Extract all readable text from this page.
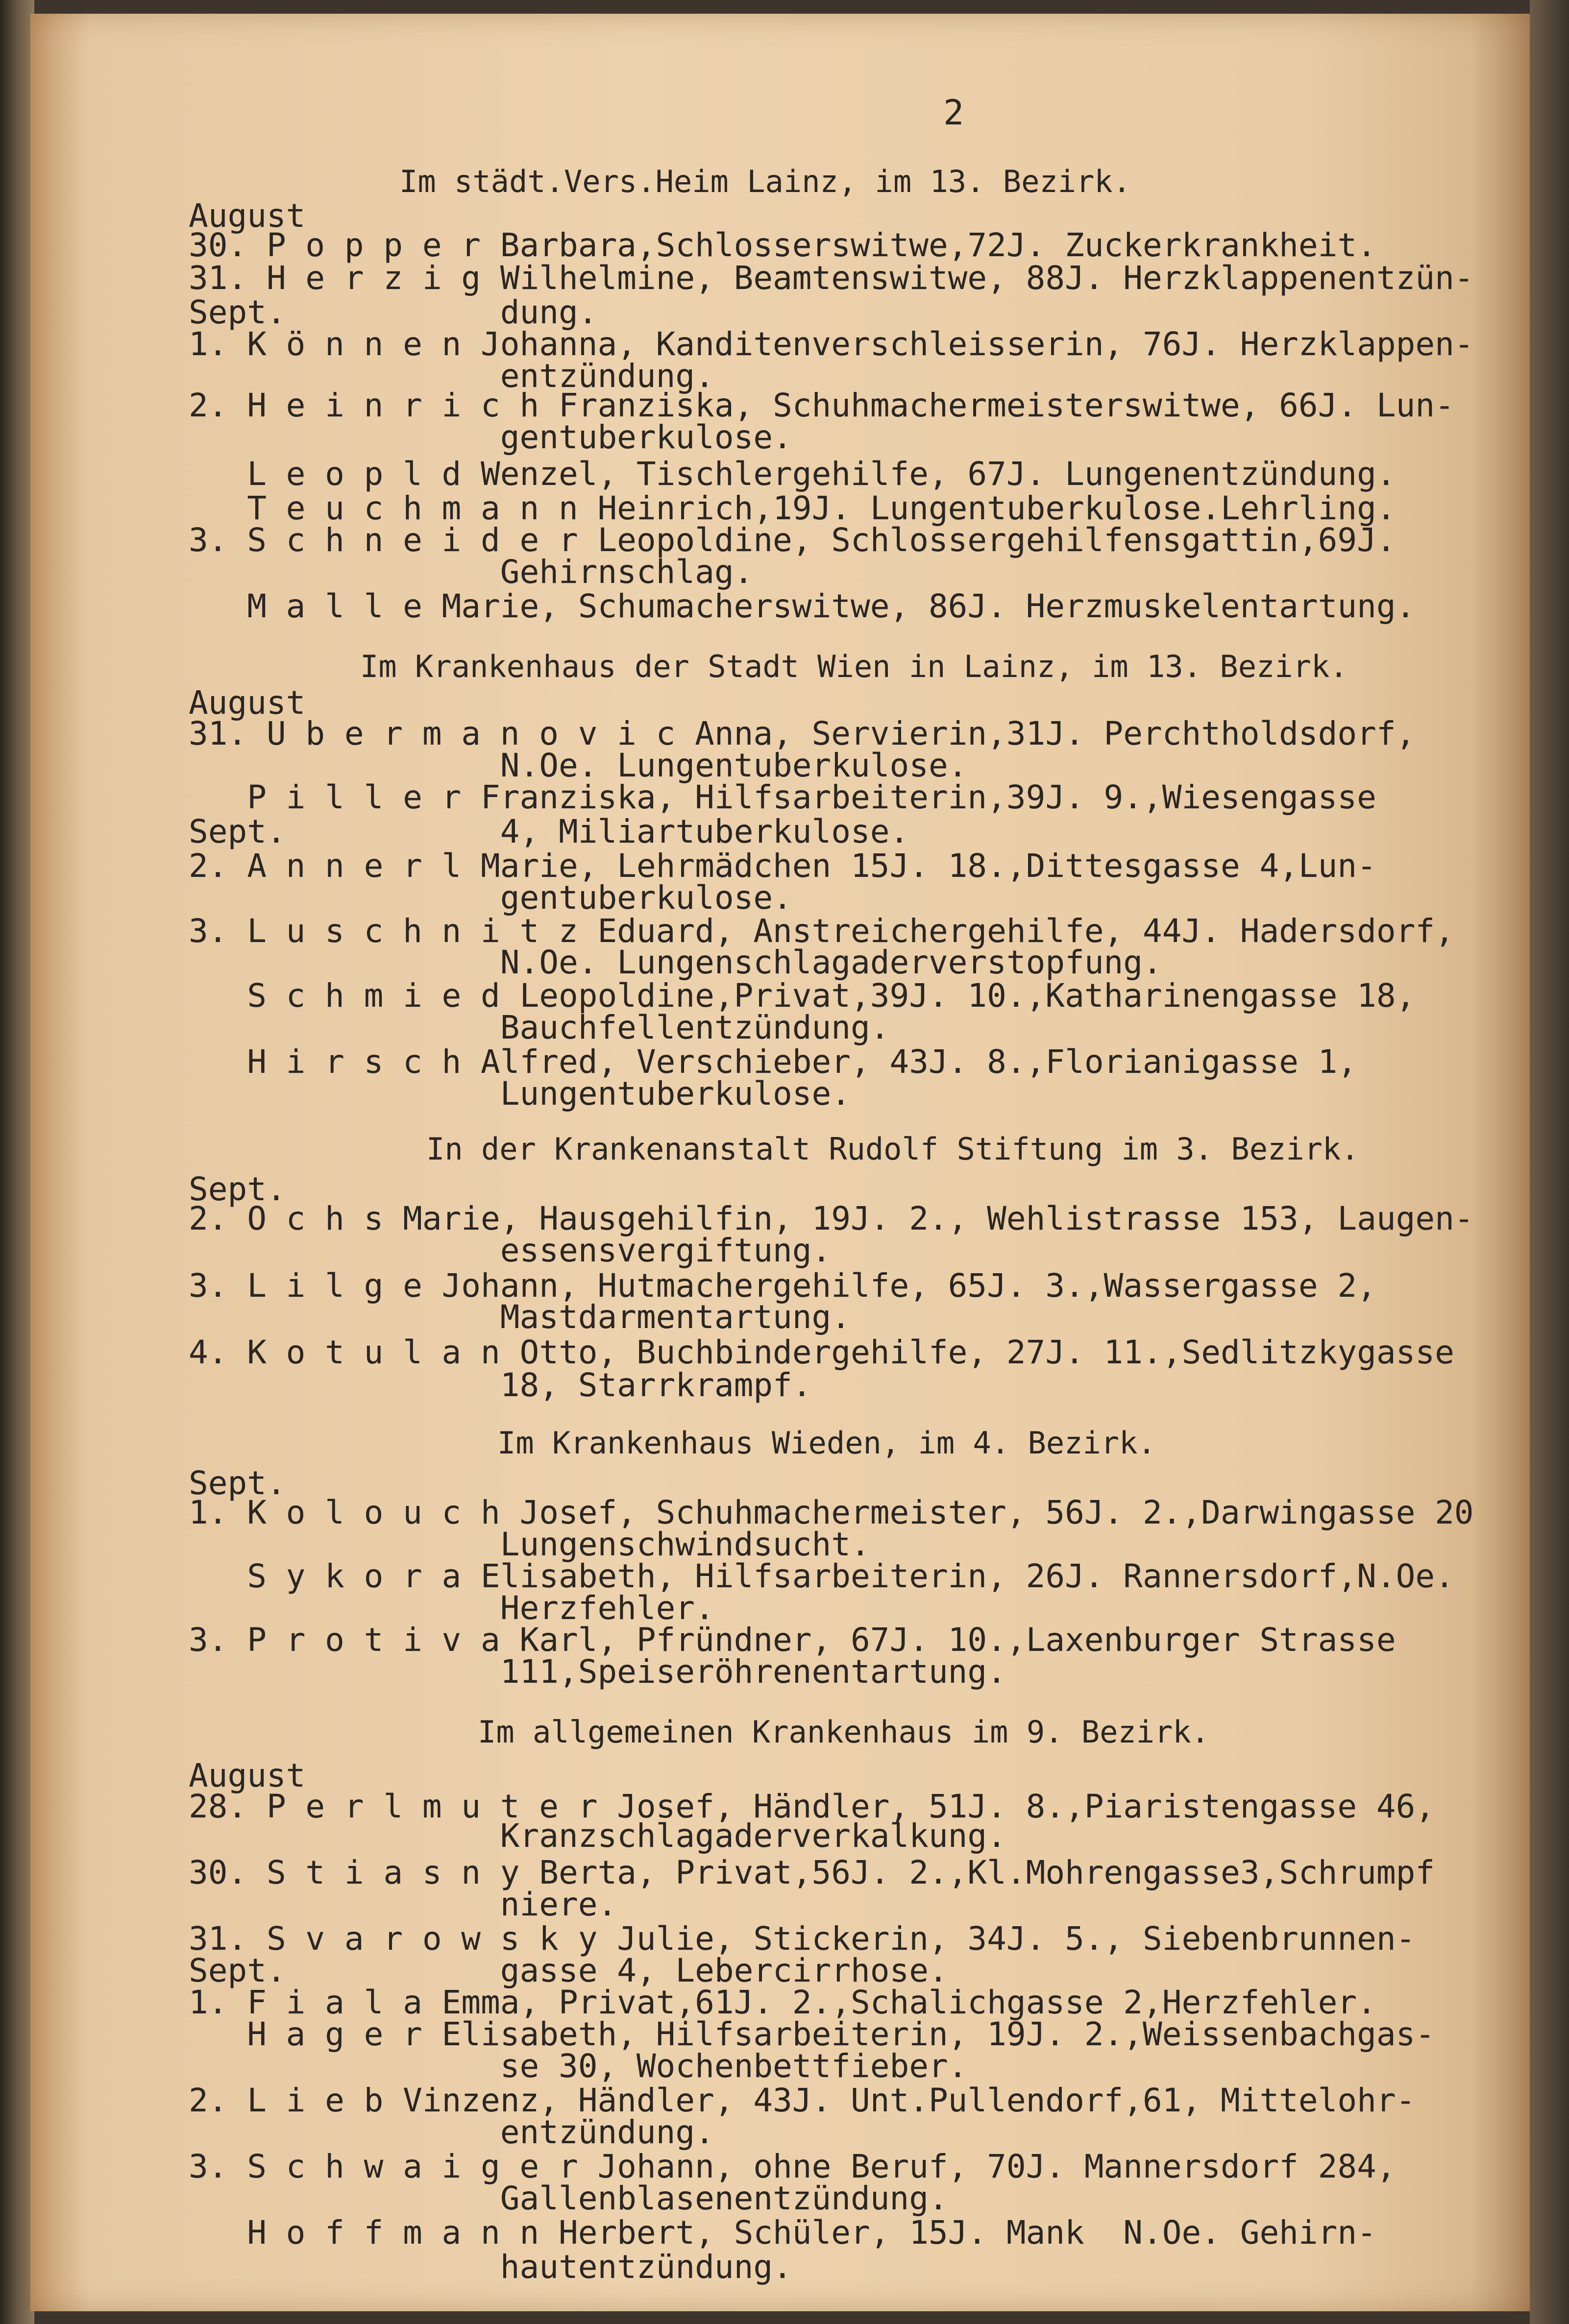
2
Im städt.Vers.Heim Lainz, im 13. Bezirk.
August
30. P o p p e r Barbara,Schlosserswitwe,72J. Zuckerkrankheit.
31. H e r z i g Wilhelmine, Beamtenswitwe, 88J. Herzklappenentzün-
Sept.           dung.
1. K ö n n e n Johanna, Kanditenverschleisserin, 76J. Herzklappen-
entzündung.
2. H e i n r i c h Franziska, Schuhmachermeisterswitwe, 66J. Lun-
gentuberkulose.
L e o p l d Wenzel, Tischlergehilfe, 67J. Lungenentzündung.
T e u c h m a n n Heinrich,19J. Lungentuberkulose.Lehrling.
3. S c h n e i d e r Leopoldine, Schlossergehilfensgattin,69J.
Gehirnschlag.
M a l l e Marie, Schumacherswitwe, 86J. Herzmuskelentartung.
Im Krankenhaus der Stadt Wien in Lainz, im 13. Bezirk.
August
31. U b e r m a n o v i c Anna, Servierin,31J. Perchtholdsdorf,
N.Oe. Lungentuberkulose.
P i l l e r Franziska, Hilfsarbeiterin,39J. 9.,Wiesengasse
Sept.           4, Miliartuberkulose.
2. A n n e r l Marie, Lehrmädchen 15J. 18.,Dittesgasse 4,Lun-
gentuberkulose.
3. L u s c h n i t z Eduard, Anstreichergehilfe, 44J. Hadersdorf,
N.Oe. Lungenschlagaderverstopfung.
S c h m i e d Leopoldine,Privat,39J. 10.,Katharinengasse 18,
Bauchfellentzündung.
H i r s c h Alfred, Verschieber, 43J. 8.,Florianigasse 1,
Lungentuberkulose.
In der Krankenanstalt Rudolf Stiftung im 3. Bezirk.
Sept.
2. O c h s Marie, Hausgehilfin, 19J. 2., Wehlistrasse 153, Laugen-
essensvergiftung.
3. L i l g e Johann, Hutmachergehilfe, 65J. 3.,Wassergasse 2,
Mastdarmentartung.
4. K o t u l a n Otto, Buchbindergehilfe, 27J. 11.,Sedlitzkygasse
18, Starrkrampf.
Im Krankenhaus Wieden, im 4. Bezirk.
Sept.
1. K o l o u c h Josef, Schuhmachermeister, 56J. 2.,Darwingasse 20
Lungenschwindsucht.
S y k o r a Elisabeth, Hilfsarbeiterin, 26J. Rannersdorf,N.Oe.
Herzfehler.
3. P r o t i v a Karl, Pfründner, 67J. 10.,Laxenburger Strasse
111,Speiseröhrenentartung.
Im allgemeinen Krankenhaus im 9. Bezirk.
August
28. P e r l m u t e r Josef, Händler, 51J. 8.,Piaristengasse 46,
Kranzschlagaderverkalkung.
30. S t i a s n y Berta, Privat,56J. 2.,Kl.Mohrengasse3,Schrumpf
niere.
31. S v a r o w s k y Julie, Stickerin, 34J. 5., Siebenbrunnen-
Sept.           gasse 4, Lebercirrhose.
1. F i a l a Emma, Privat,61J. 2.,Schalichgasse 2,Herzfehler.
H a g e r Elisabeth, Hilfsarbeiterin, 19J. 2.,Weissenbachgas-
se 30, Wochenbettfieber.
2. L i e b Vinzenz, Händler, 43J. Unt.Pullendorf,61, Mittelohr-
entzündung.
3. S c h w a i g e r Johann, ohne Beruf, 70J. Mannersdorf 284,
Gallenblasenentzündung.
H o f f m a n n Herbert, Schüler, 15J. Mank  N.Oe. Gehirn-
hautentzündung.
